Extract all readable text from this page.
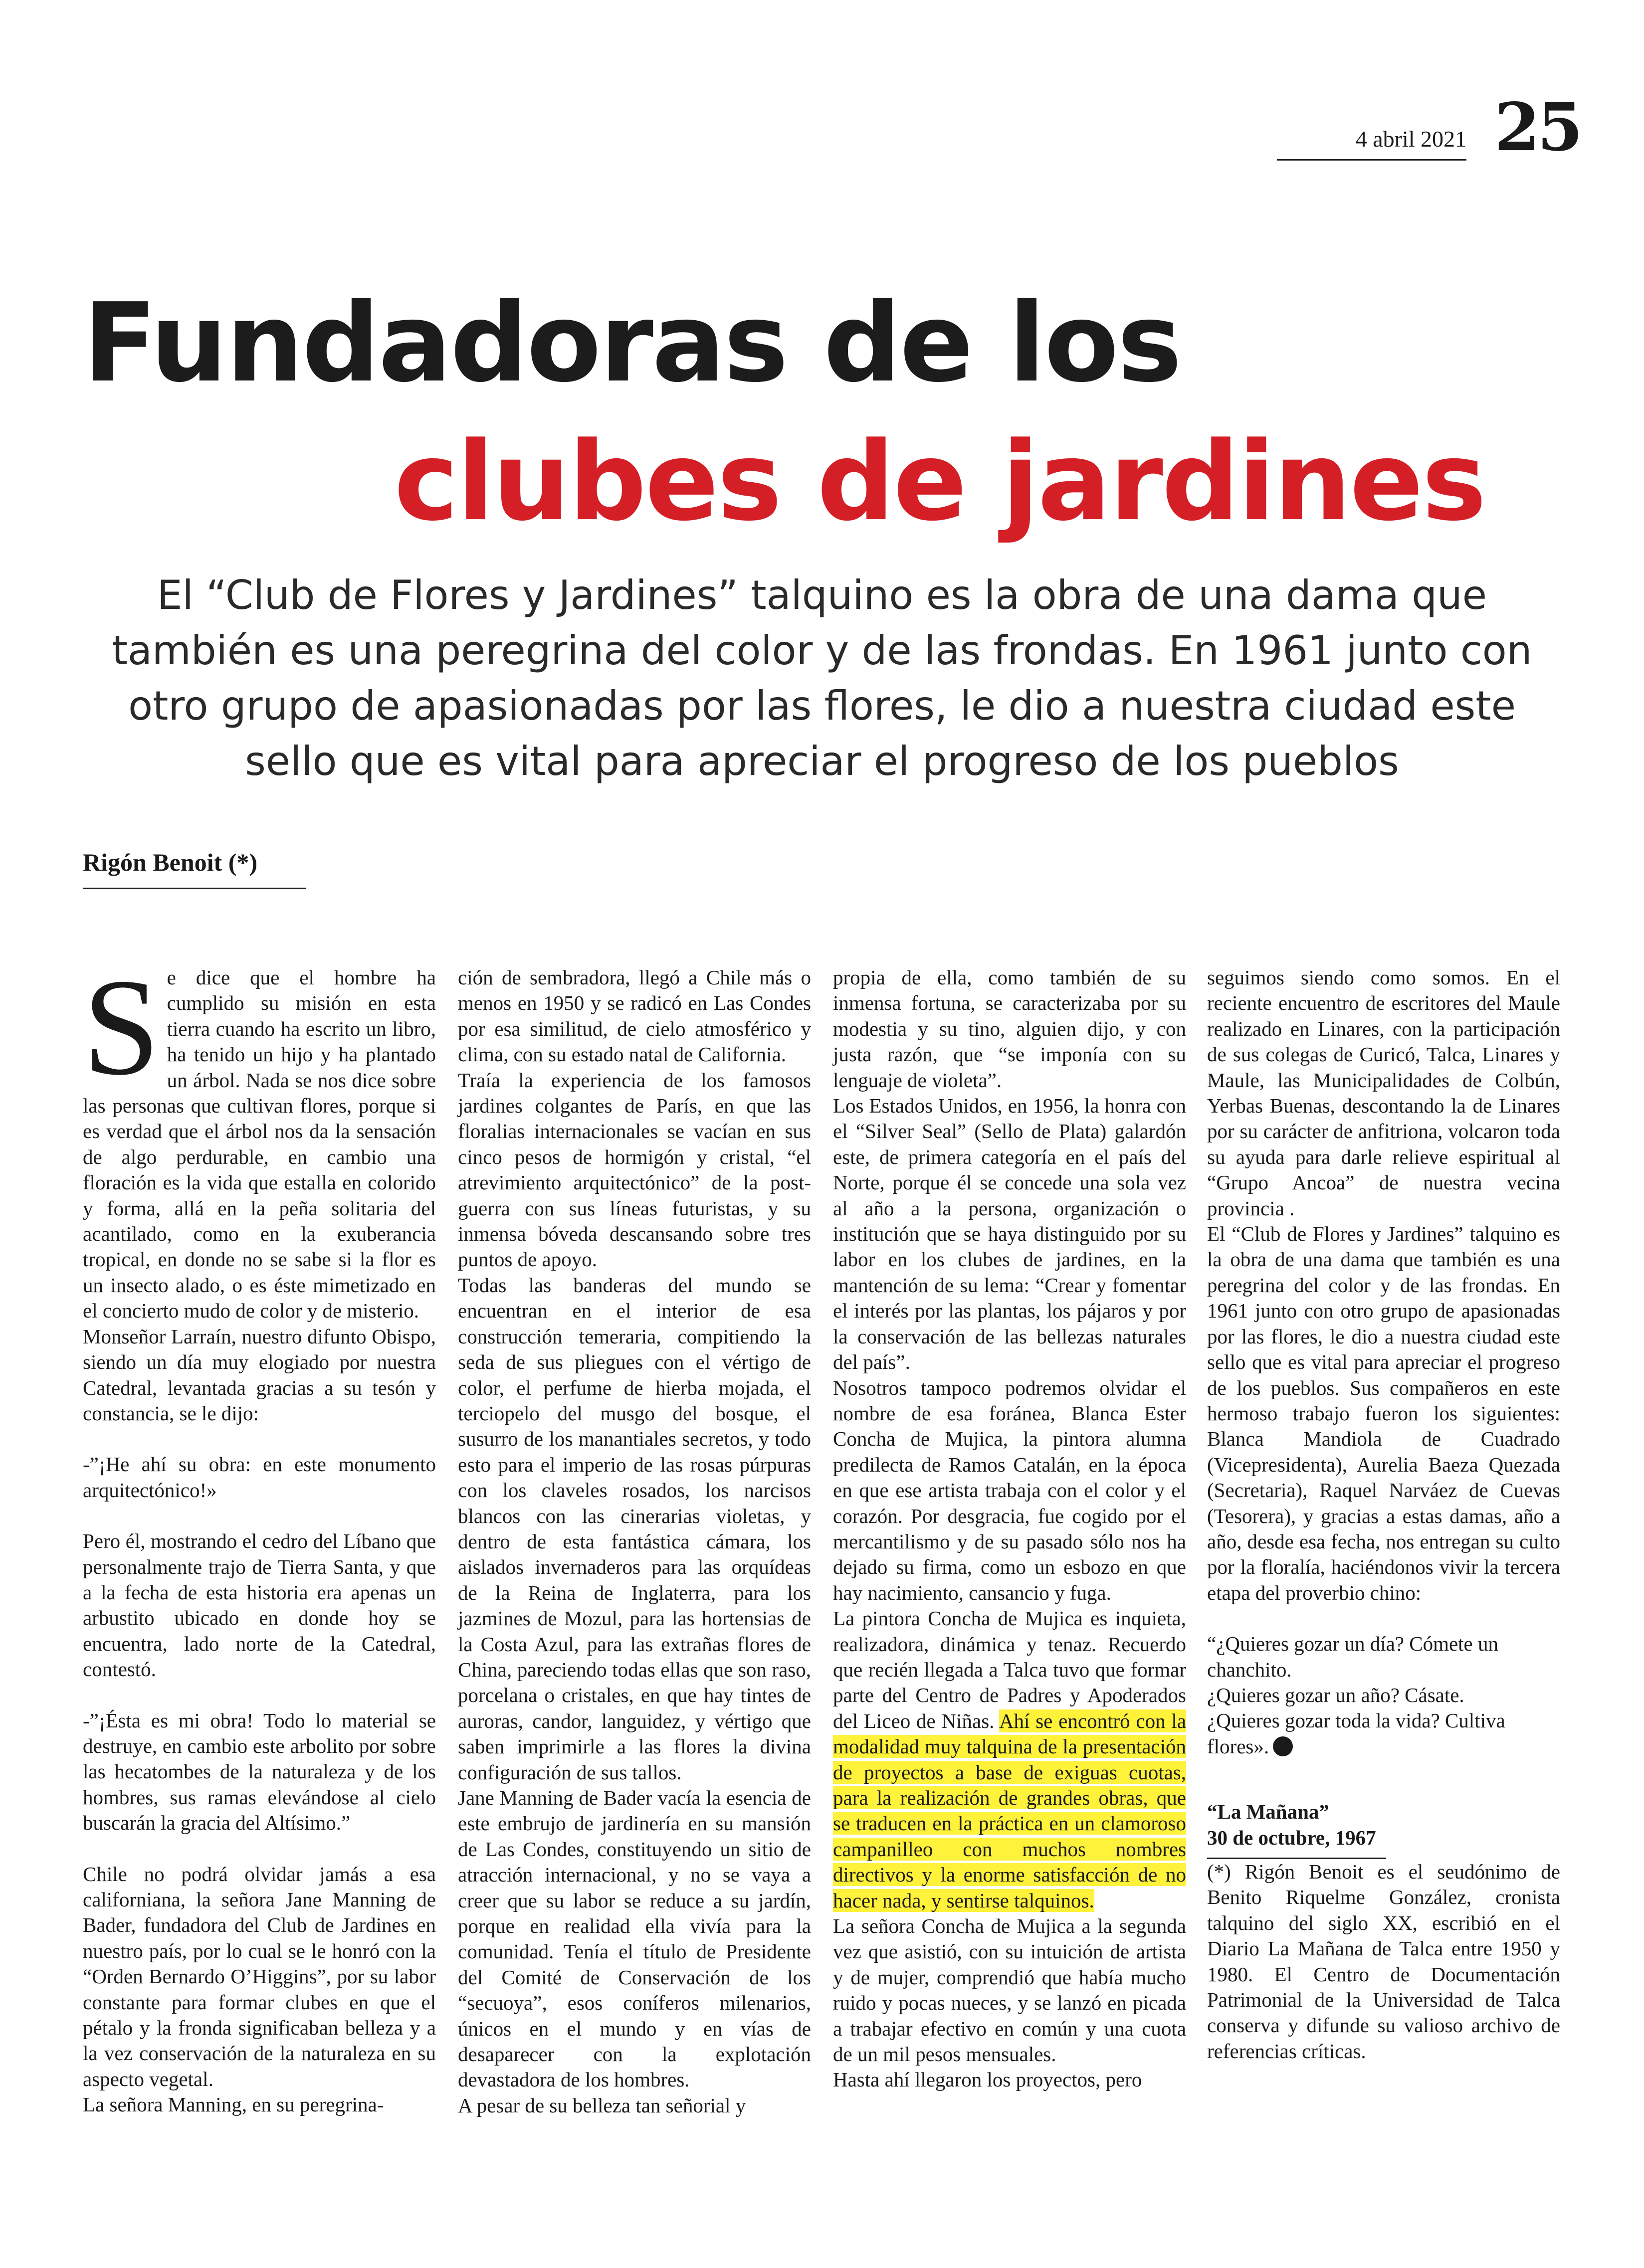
4 abril 2021 25
Fundadoras de los
clubes de jardines
El “Club de Flores y Jardines” talquino es la obra de una dama que también es una peregrina del color y de las frondas. En 1961 junto con otro grupo de apasionadas por las flores, le dio a nuestra ciudad este sello que es vital para apreciar el progreso de los pueblos
Rigón Benoit (*)

Se dice que el hombre ha cumplido su misión en esta tierra cuando ha escrito un libro, ha tenido un hijo y ha plantado un árbol. Nada se nos dice sobre las personas que cultivan flores, porque si es verdad que el árbol nos da la sensación de algo perdurable, en cambio una floración es la vida que estalla en colorido y forma, allá en la peña solitaria del acantilado, como en la exuberancia tropical, en donde no se sabe si la flor es un insecto alado, o es éste mimetizado en el concierto mudo de color y de misterio.

Monseñor Larraín, nuestro difunto Obispo, siendo un día muy elogiado por nuestra Catedral, levantada gracias a su tesón y constancia, se le dijo:

-”¡He ahí su obra: en este monumento arquitectónico!»

Pero él, mostrando el cedro del Líbano que personalmente trajo de Tierra Santa, y que a la fecha de esta historia era apenas un arbustito ubicado en donde hoy se encuentra, lado norte de la Catedral, contestó.

-”¡Ésta es mi obra! Todo lo material se destruye, en cambio este arbolito por sobre las hecatombes de la naturaleza y de los hombres, sus ramas elevándose al cielo buscarán la gracia del Altísimo.”

Chile no podrá olvidar jamás a esa californiana, la señora Jane Manning de Bader, fundadora del Club de Jardines en nuestro país, por lo cual se le honró con la “Orden Bernardo O’Higgins”, por su labor constante para formar clubes en que el pétalo y la fronda significaban belleza y a la vez conservación de la naturaleza en su aspecto vegetal.

La señora Manning, en su peregrina-

ción de sembradora, llegó a Chile más o menos en 1950 y se radicó en Las Condes por esa similitud, de cielo atmosférico y clima, con su estado natal de California.

Traía la experiencia de los famosos jardines colgantes de París, en que las floralias internacionales se vacían en sus cinco pesos de hormigón y cristal, “el atrevimiento arquitectónico” de la post-guerra con sus líneas futuristas, y su inmensa bóveda descansando sobre tres puntos de apoyo.

Todas las banderas del mundo se encuentran en el interior de esa construcción temeraria, compitiendo la seda de sus pliegues con el vértigo de color, el perfume de hierba mojada, el terciopelo del musgo del bosque, el susurro de los manantiales secretos, y todo esto para el imperio de las rosas púrpuras con los claveles rosados, los narcisos blancos con las cinerarias violetas, y dentro de esta fantástica cámara, los aislados invernaderos para las orquídeas de la Reina de Inglaterra, para los jazmines de Mozul, para las hortensias de la Costa Azul, para las extrañas flores de China, pareciendo todas ellas que son raso, porcelana o cristales, en que hay tintes de auroras, candor, languidez, y vértigo que saben imprimirle a las flores la divina configuración de sus tallos.

Jane Manning de Bader vacía la esencia de este embrujo de jardinería en su mansión de Las Condes, constituyendo un sitio de atracción internacional, y no se vaya a creer que su labor se reduce a su jardín, porque en realidad ella vivía para la comunidad. Tenía el título de Presidente del Comité de Conservación de los “secuoya”, esos coníferos milenarios, únicos en el mundo y en vías de desaparecer con la explotación devastadora de los hombres.

A pesar de su belleza tan señorial y

propia de ella, como también de su inmensa fortuna, se caracterizaba por su modestia y su tino, alguien dijo, y con justa razón, que “se imponía con su lenguaje de violeta”.

Los Estados Unidos, en 1956, la honra con el “Silver Seal” (Sello de Plata) galardón este, de primera categoría en el país del Norte, porque él se concede una sola vez al año a la persona, organización o institución que se haya distinguido por su labor en los clubes de jardines, en la mantención de su lema: “Crear y fomentar el interés por las plantas, los pájaros y por la conservación de las bellezas naturales del país”.

Nosotros tampoco podremos olvidar el nombre de esa foránea, Blanca Ester Concha de Mujica, la pintora alumna predilecta de Ramos Catalán, en la época en que ese artista trabaja con el color y el corazón. Por desgracia, fue cogido por el mercantilismo y de su pasado sólo nos ha dejado su firma, como un esbozo en que hay nacimiento, cansancio y fuga.

La pintora Concha de Mujica es inquieta, realizadora, dinámica y tenaz. Recuerdo que recién llegada a Talca tuvo que formar parte del Centro de Padres y Apoderados del Liceo de Niñas. Ahí se encontró con la modalidad muy talquina de la presentación de proyectos a base de exiguas cuotas, para la realización de grandes obras, que se traducen en la práctica en un clamoroso campanilleo con muchos nombres directivos y la enorme satisfacción de no hacer nada, y sentirse talquinos.

La señora Concha de Mujica a la segunda vez que asistió, con su intuición de artista y de mujer, comprendió que había mucho ruido y pocas nueces, y se lanzó en picada a trabajar efectivo en común y una cuota de un mil pesos mensuales.

Hasta ahí llegaron los proyectos, pero

seguimos siendo como somos. En el reciente encuentro de escritores del Maule realizado en Linares, con la participación de sus colegas de Curicó, Talca, Linares y Maule, las Municipalidades de Colbún, Yerbas Buenas, descontando la de Linares por su carácter de anfitriona, volcaron toda su ayuda para darle relieve espiritual al “Grupo Ancoa” de nuestra vecina provincia .

El “Club de Flores y Jardines” talquino es la obra de una dama que también es una peregrina del color y de las frondas. En 1961 junto con otro grupo de apasionadas por las flores, le dio a nuestra ciudad este sello que es vital para apreciar el progreso de los pueblos. Sus compañeros en este hermoso trabajo fueron los siguientes: Blanca Mandiola de Cuadrado (Vicepresidenta), Aurelia Baeza Quezada (Secretaria), Raquel Narváez de Cuevas (Tesorera), y gracias a estas damas, año a año, desde esa fecha, nos entregan su culto por la floralía, haciéndonos vivir la tercera etapa del proverbio chino:

“¿Quieres gozar un día? Cómete un chanchito.

¿Quieres gozar un año? Cásate.

¿Quieres gozar toda la vida? Cultiva flores».

“La Mañana”
30 de octubre, 1967

(*) Rigón Benoit es el seudónimo de Benito Riquelme González, cronista talquino del siglo XX, escribió en el Diario La Mañana de Talca entre 1950 y 1980. El Centro de Documentación Patrimonial de la Universidad de Talca conserva y difunde su valioso archivo de referencias críticas.
